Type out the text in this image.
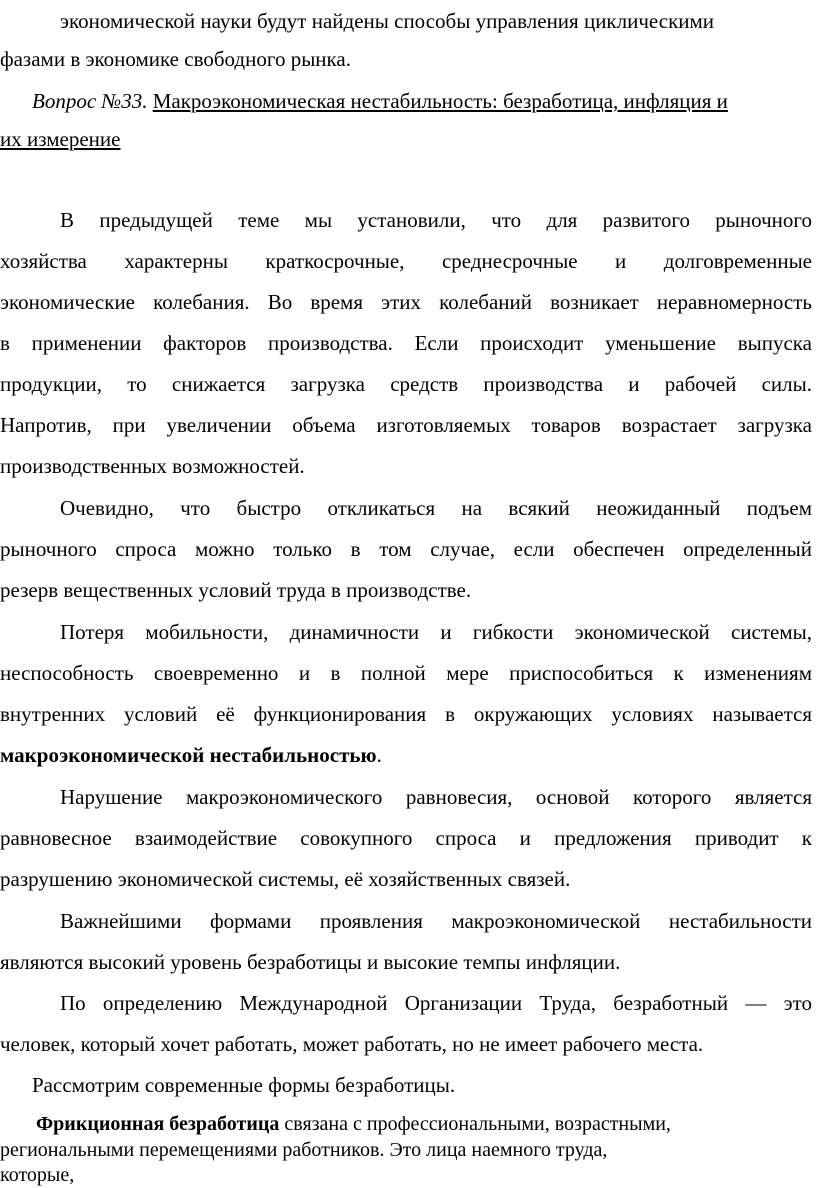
экономической науки будут найдены способы управления циклическими
фазами в экономике свободного рынка.
Вопрос №33. Макроэкономическая нестабильность: безработица, инфляция и
их измерение
В предыдущей теме мы установили, что для развитого рыночного
хозяйства характерны краткосрочные, среднесрочные и долговременные
экономические колебания. Во время этих колебаний возникает неравномерность
в применении факторов производства. Если происходит уменьшение выпуска
продукции, то снижается загрузка средств производства и рабочей силы.
Напротив, при увеличении объема изготовляемых товаров возрастает загрузка
производственных возможностей.
Очевидно, что быстро откликаться на всякий неожиданный подъем
рыночного спроса можно только в том случае, если обеспечен определенный
резерв вещественных условий труда в производстве.
Потеря мобильности, динамичности и гибкости экономической системы,
неспособность своевременно и в полной мере приспособиться к изменениям
внутренних условий её функционирования в окружающих условиях называется
макроэкономической нестабильностью.
Нарушение макроэкономического равновесия, основой которого является
равновесное взаимодействие совокупного спроса и предложения приводит к
разрушению экономической системы, её хозяйственных связей.
Важнейшими формами проявления макроэкономической нестабильности
являются высокий уровень безработицы и высокие темпы инфляции.
По определению Международной Организации Труда, безработный — это
человек, который хочет работать, может работать, но не имеет рабочего места.
Рассмотрим современные формы безработицы.
Фрикционная безработица связана с профессиональными, возрастными,
региональными перемещениями работников. Это лица наемного труда,
которые,
